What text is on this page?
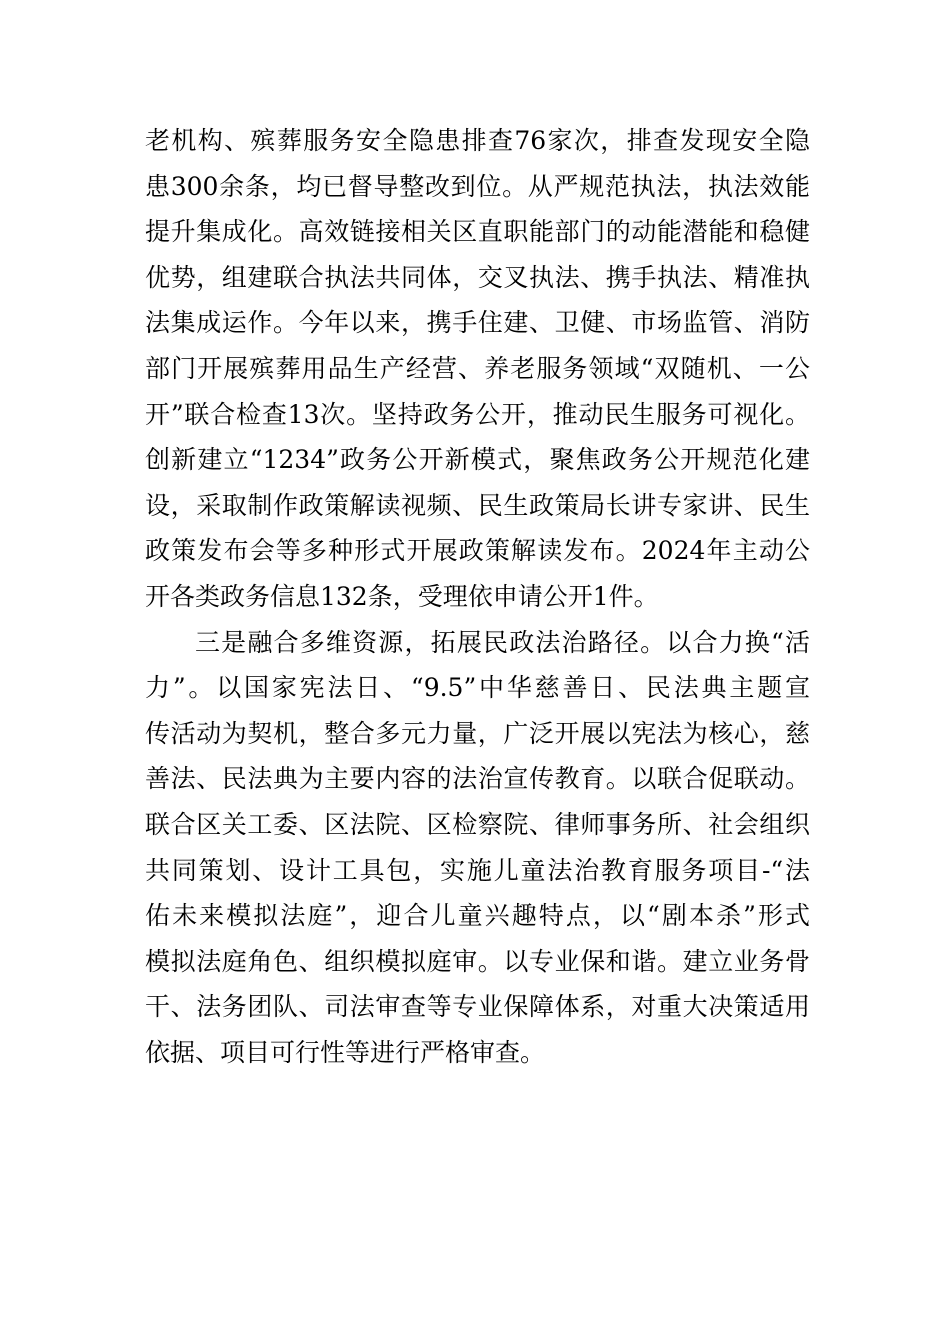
老机构、殡葬服务安全隐患排查76家次，排查发现安全隐
患300余条，均已督导整改到位。从严规范执法，执法效能
提升集成化。高效链接相关区直职能部门的动能潜能和稳健
优势，组建联合执法共同体，交叉执法、携手执法、精准执
法集成运作。今年以来，携手住建、卫健、市场监管、消防
部门开展殡葬用品生产经营、养老服务领域“双随机、一公
开”联合检查13次。坚持政务公开，推动民生服务可视化。
创新建立“1234”政务公开新模式，聚焦政务公开规范化建
设，采取制作政策解读视频、民生政策局长讲专家讲、民生
政策发布会等多种形式开展政策解读发布。2024年主动公
开各类政务信息132条，受理依申请公开1件。
三是融合多维资源，拓展民政法治路径。以合力换“活
力”。以国家宪法日、“9.5”中华慈善日、民法典主题宣
传活动为契机，整合多元力量，广泛开展以宪法为核心，慈
善法、民法典为主要内容的法治宣传教育。以联合促联动。
联合区关工委、区法院、区检察院、律师事务所、社会组织
共同策划、设计工具包，实施儿童法治教育服务项目-“法
佑未来模拟法庭”，迎合儿童兴趣特点，以“剧本杀”形式
模拟法庭角色、组织模拟庭审。以专业保和谐。建立业务骨
干、法务团队、司法审查等专业保障体系，对重大决策适用
依据、项目可行性等进行严格审查。
